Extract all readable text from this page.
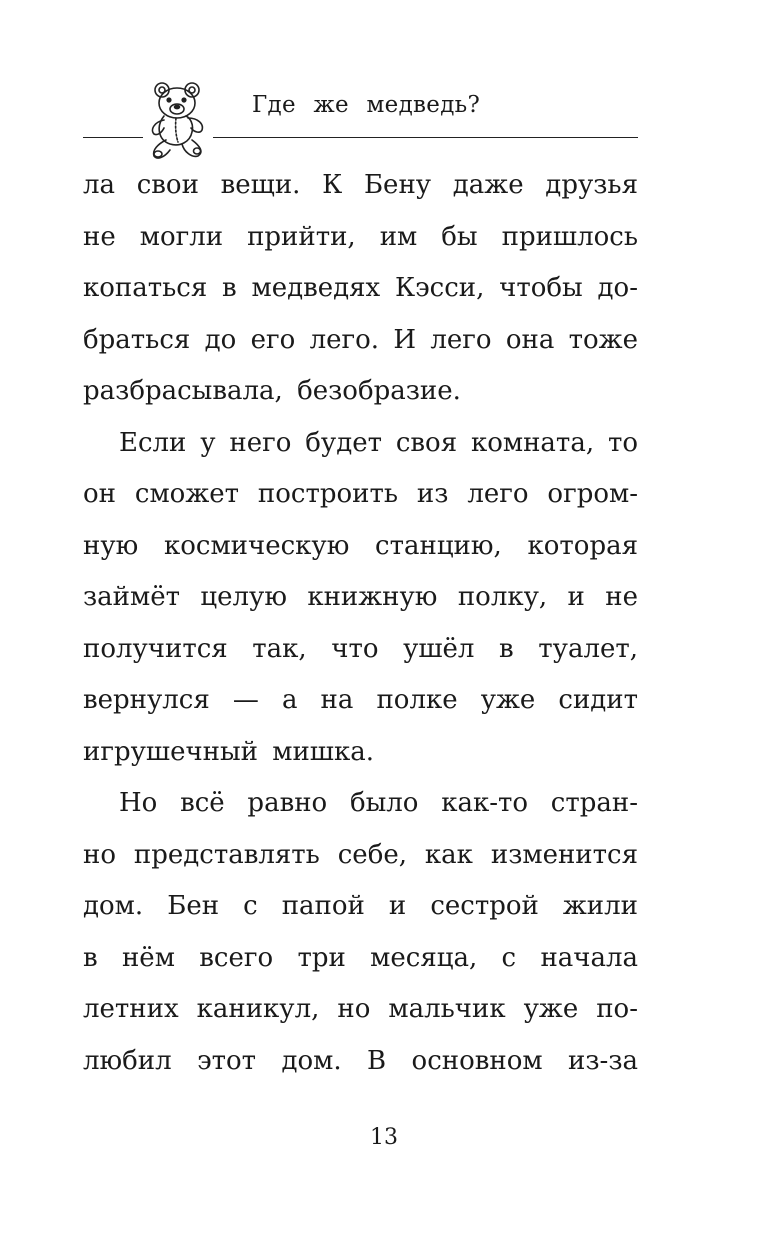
Где же медведь?
ла свои вещи. К Бену даже друзья
не могли прийти, им бы пришлось
копаться в медведях Кэсси, чтобы до-
браться до его лего. И лего она тоже
разбрасывала, безобразие.
Если у него будет своя комната, то
он сможет построить из лего огром-
ную космическую станцию, которая
займёт целую книжную полку, и не
получится так, что ушёл в туалет,
вернулся — а на полке уже сидит
игрушечный мишка.
Но всё равно было как-то стран-
но представлять себе, как изменится
дом. Бен с папой и сестрой жили
в нём всего три месяца, с начала
летних каникул, но мальчик уже по-
любил этот дом. В основном из-за
13
